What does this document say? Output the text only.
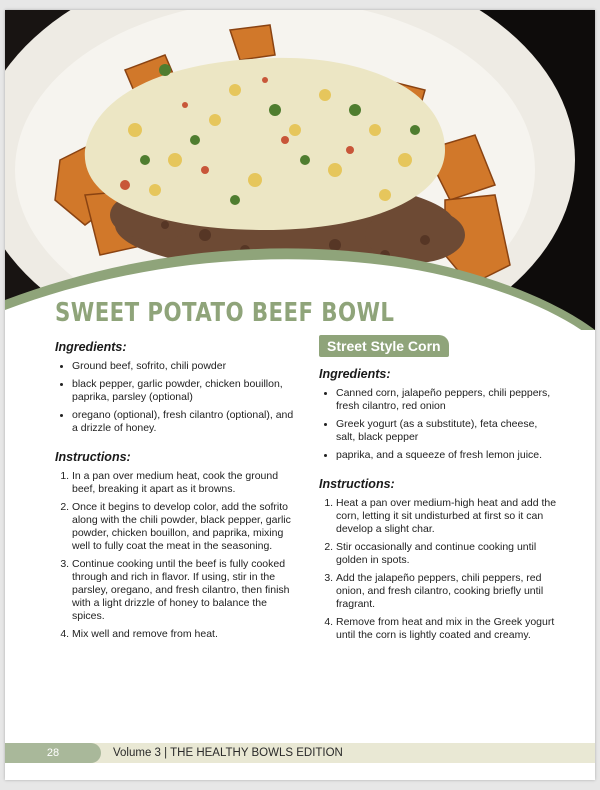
SWEET POTATO BEEF BOWL
Ingredients:
• Ground beef, sofrito, chili powder
• black pepper, garlic powder, chicken bouillon, paprika, parsley (optional)
• oregano (optional), fresh cilantro (optional), and a drizzle of honey.
Instructions:
1. In a pan over medium heat, cook the ground beef, breaking it apart as it browns.
2. Once it begins to develop color, add the sofrito along with the chili powder, black pepper, garlic powder, chicken bouillon, and paprika, mixing well to fully coat the meat in the seasoning.
3. Continue cooking until the beef is fully cooked through and rich in flavor. If using, stir in the parsley, oregano, and fresh cilantro, then finish with a light drizzle of honey to balance the spices.
4. Mix well and remove from heat.
Street Style Corn
Ingredients:
• Canned corn, jalapeño peppers, chili peppers, fresh cilantro, red onion
• Greek yogurt (as a substitute), feta cheese, salt, black pepper
• paprika, and a squeeze of fresh lemon juice.
Instructions:
1. Heat a pan over medium-high heat and add the corn, letting it sit undisturbed at first so it can develop a slight char.
2. Stir occasionally and continue cooking until golden in spots.
3. Add the jalapeño peppers, chili peppers, red onion, and fresh cilantro, cooking briefly until fragrant.
4. Remove from heat and mix in the Greek yogurt until the corn is lightly coated and creamy.
28	Volume 3 | THE HEALTHY BOWLS EDITION
